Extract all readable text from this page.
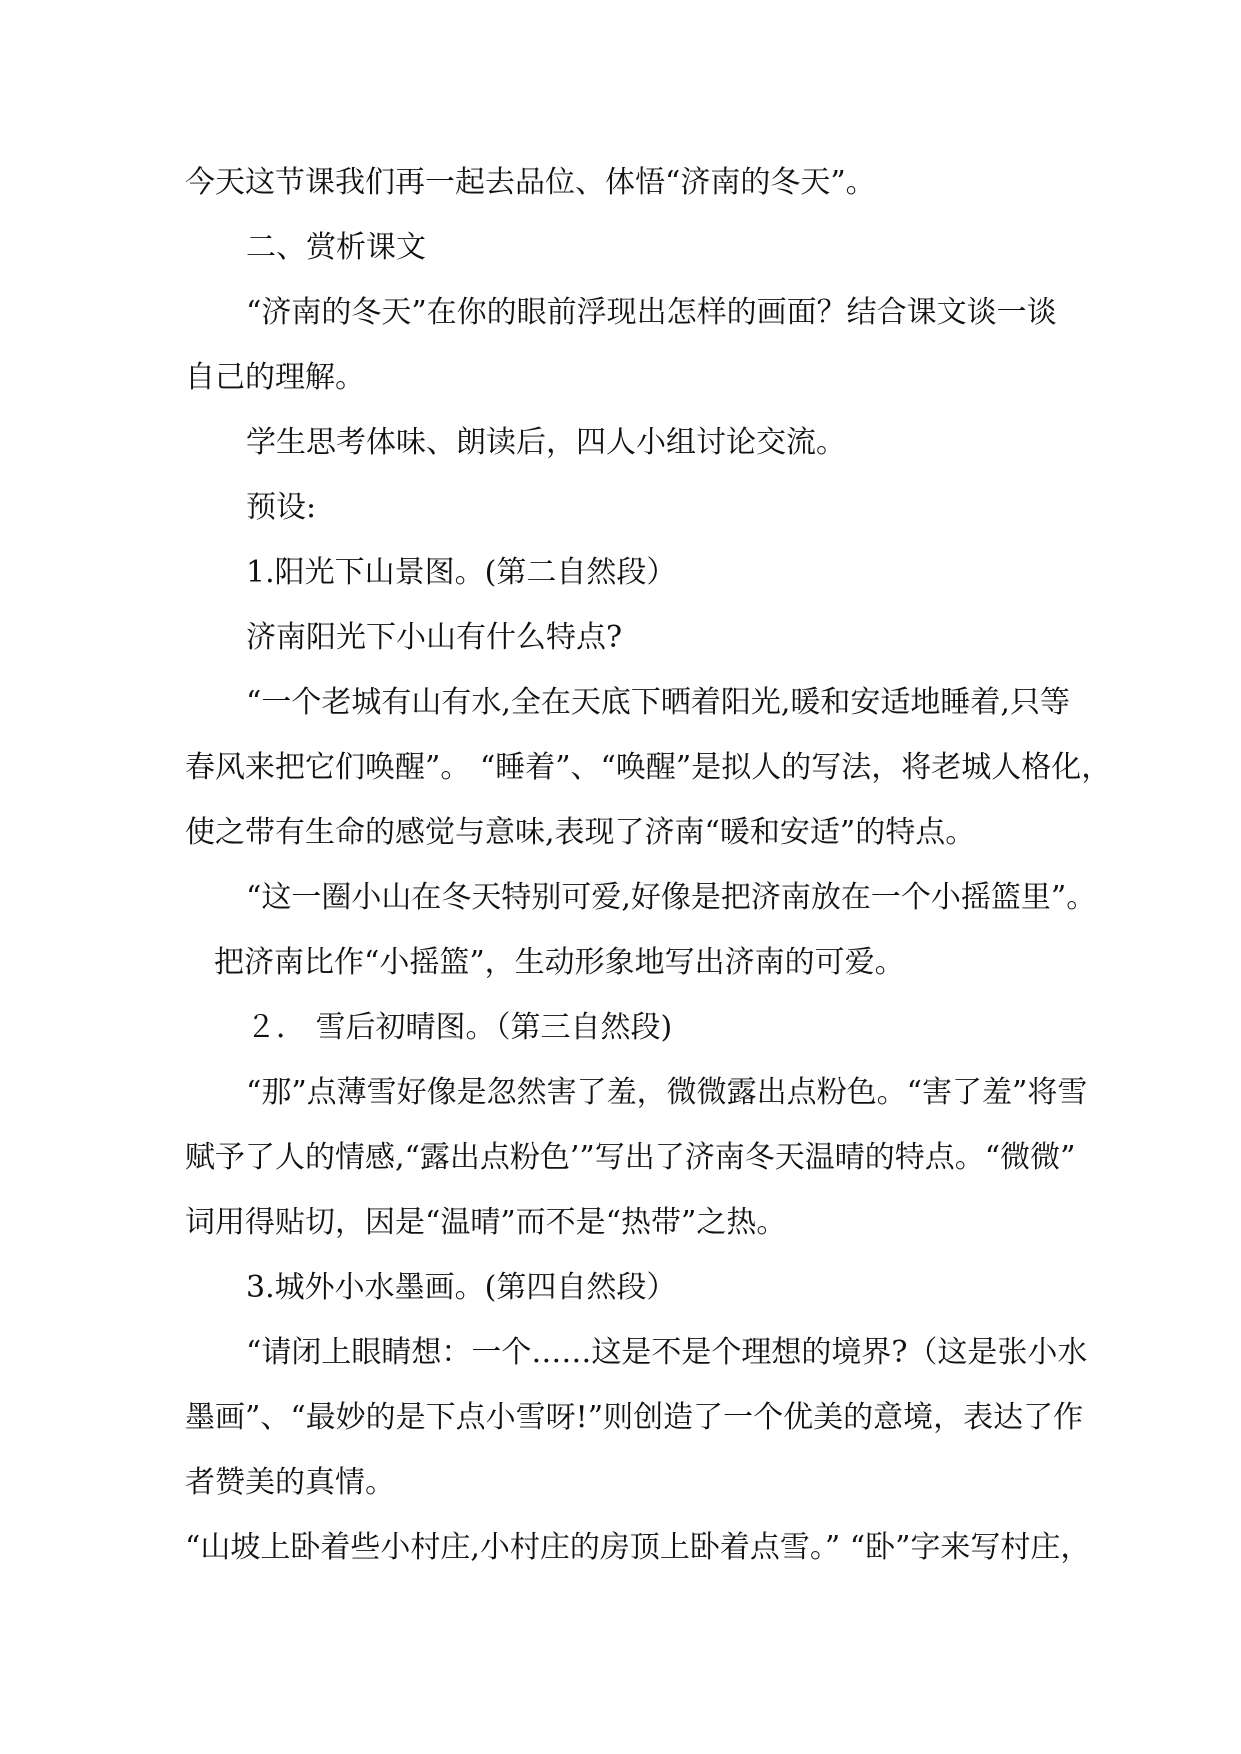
今天这节课我们再一起去品位、体悟“济南的冬天”。

二、赏析课文

“济南的冬天”在你的眼前浮现出怎样的画面？结合课文谈一谈

自己的理解。

学生思考体味、朗读后，四人小组讨论交流。

预设:

1.阳光下山景图。(第二自然段）

济南阳光下小山有什么特点?

“一个老城有山有水,全在天底下晒着阳光,暖和安适地睡着,只等

春风来把它们唤醒”。 “睡着”、“唤醒”是拟人的写法，将老城人格化，

使之带有生命的感觉与意味,表现了济南“暖和安适”的特点。

“这一圈小山在冬天特别可爱,好像是把济南放在一个小摇篮里”。

把济南比作“小摇篮”，生动形象地写出济南的可爱。

２． 雪后初晴图。（第三自然段)

“那”点薄雪好像是忽然害了羞，微微露出点粉色。“害了羞”将雪

赋予了人的情感,“露出点粉色’”写出了济南冬天温晴的特点。“微微”

词用得贴切，因是“温晴”而不是“热带”之热。

3.城外小水墨画。(第四自然段）

“请闭上眼睛想：一个……这是不是个理想的境界?（这是张小水

墨画”、“最妙的是下点小雪呀!”则创造了一个优美的意境，表达了作

者赞美的真情。

“山坡上卧着些小村庄,小村庄的房顶上卧着点雪。” “卧”字来写村庄，
